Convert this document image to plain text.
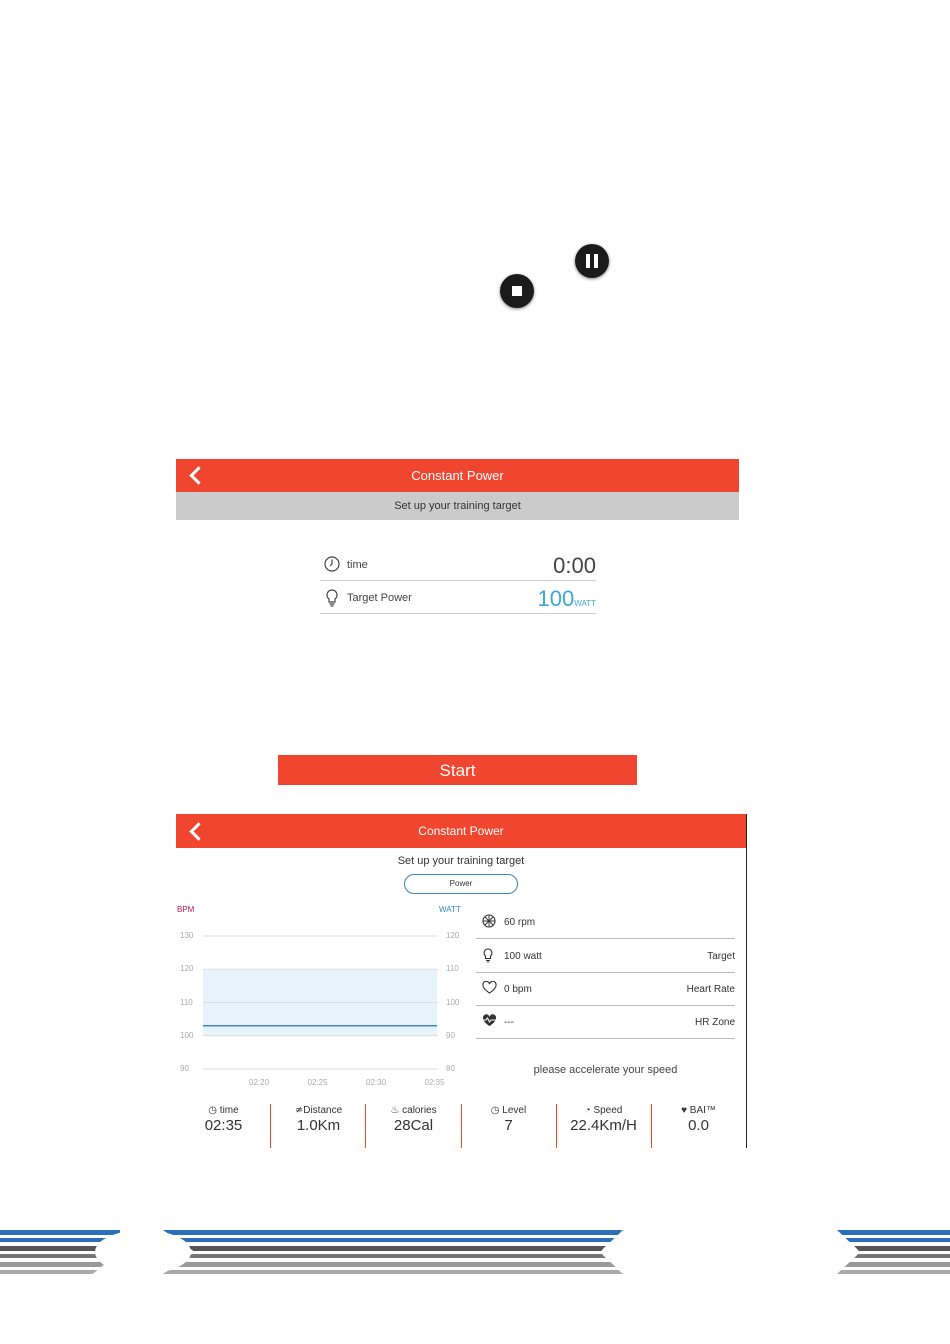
Constant Power
Set up your training target
time	0:00
Target Power	100WATT
Start
Constant Power
Set up your training target
Power
BPM	WATT
60 rpm
100 watt	Target
0 bpm	Heart Rate
---	HR Zone
please accelerate your speed
◷ time
02:35
≄Distance
1.0Km
♨ calories
28Cal
◷ Level
7
◔ Speed
22.4Km/H
♥ BAI™
0.0
130
120
110
100
90
120
110
100
90
80
02:20	02:25	02:30	02:35
